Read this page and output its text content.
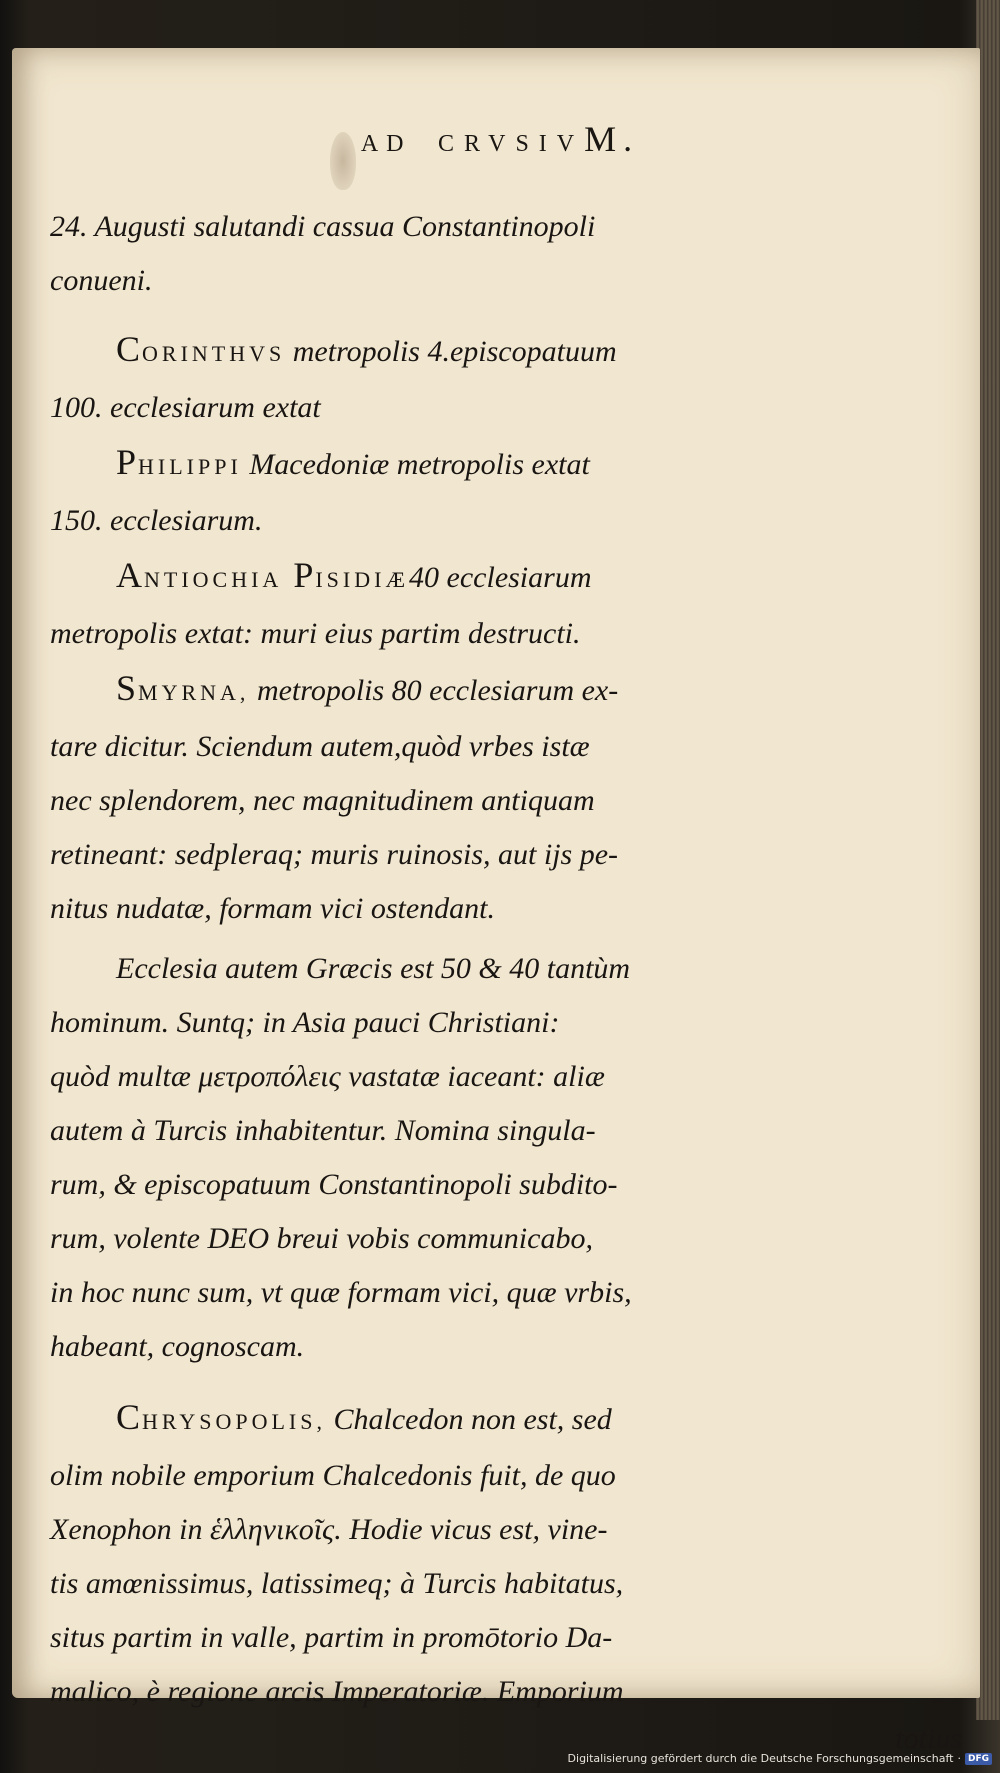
AD CRVSIVM.
24. Augusti salutandi cassua Constantinopoli
conueni.
CORINTHVS metropolis 4.episcopatuum
100. ecclesiarum extat
PHILIPPI Macedoniæ metropolis extat
150. ecclesiarum.
ANTIOCHIA PISIDIÆ40 ecclesiarum
metropolis extat: muri eius partim destructi.
SMYRNA, metropolis 80 ecclesiarum ex-
tare dicitur. Sciendum autem,quòd vrbes istæ
nec splendorem, nec magnitudinem antiquam
retineant: sedpleraq; muris ruinosis, aut ijs pe-
nitus nudatæ, formam vici ostendant.
Ecclesia autem Græcis est 50 & 40 tantùm
hominum. Suntq; in Asia pauci Christiani:
quòd multæ μετροπόλεις vastatæ iaceant: aliæ
autem à Turcis inhabitentur. Nomina singula-
rum, & episcopatuum Constantinopoli subdito-
rum, volente DEO breui vobis communicabo,
in hoc nunc sum, vt quæ formam vici, quæ vrbis,
habeant, cognoscam.
CHRYSOPOLIS, Chalcedon non est, sed
olim nobile emporium Chalcedonis fuit, de quo
Xenophon in ἑλληνικοῖς. Hodie vicus est, vine-
tis amœnissimus, latissimeq; à Turcis habitatus,
situs partim in valle, partim in promōtorio Da-
malico, è regione arcis Imperatoriæ. Emporium
totius
Digitalisierung gefördert durch die Deutsche Forschungsgemeinschaft · DFG
